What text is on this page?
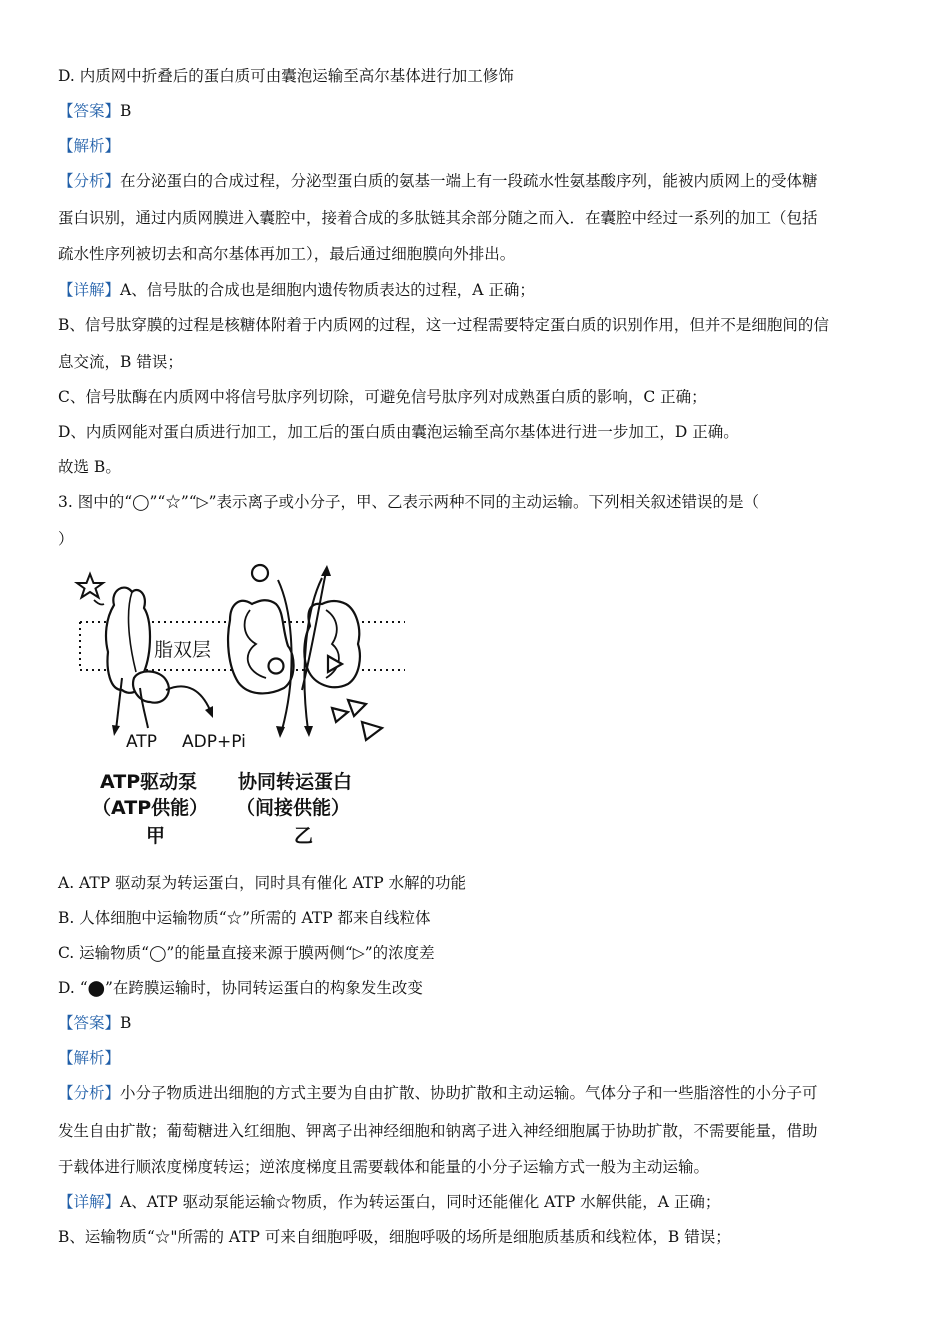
D. 内质网中折叠后的蛋白质可由囊泡运输至高尔基体进行加工修饰
【答案】B
【解析】
【分析】在分泌蛋白的合成过程，分泌型蛋白质的氨基一端上有一段疏水性氨基酸序列，能被内质网上的受体糖
蛋白识别，通过内质网膜进入囊腔中，接着合成的多肽链其余部分随之而入．在囊腔中经过一系列的加工（包括
疏水性序列被切去和高尔基体再加工），最后通过细胞膜向外排出。
【详解】A、信号肽的合成也是细胞内遗传物质表达的过程，A 正确；
B、信号肽穿膜的过程是核糖体附着于内质网的过程，这一过程需要特定蛋白质的识别作用，但并不是细胞间的信
息交流，B 错误；
C、信号肽酶在内质网中将信号肽序列切除，可避免信号肽序列对成熟蛋白质的影响，C 正确；
D、内质网能对蛋白质进行加工，加工后的蛋白质由囊泡运输至高尔基体进行进一步加工，D 正确。
故选 B。
3. 图中的“◯”“☆”“▷”表示离子或小分子，甲、乙表示两种不同的主动运输。下列相关叙述错误的是（
）
脂双层
ATP ADP+Pi
ATP驱动泵
（ATP供能）
甲
协同转运蛋白
（间接供能）
乙
A. ATP 驱动泵为转运蛋白，同时具有催化 ATP 水解的功能
B. 人体细胞中运输物质“☆”所需的 ATP 都来自线粒体
C. 运输物质“◯”的能量直接来源于膜两侧“▷”的浓度差
D. “⬤”在跨膜运输时，协同转运蛋白的构象发生改变
【答案】B
【解析】
【分析】小分子物质进出细胞的方式主要为自由扩散、协助扩散和主动运输。气体分子和一些脂溶性的小分子可
发生自由扩散；葡萄糖进入红细胞、钾离子出神经细胞和钠离子进入神经细胞属于协助扩散，不需要能量，借助
于载体进行顺浓度梯度转运；逆浓度梯度且需要载体和能量的小分子运输方式一般为主动运输。
【详解】A、ATP 驱动泵能运输☆物质，作为转运蛋白，同时还能催化 ATP 水解供能，A 正确；
B、运输物质“☆"所需的 ATP 可来自细胞呼吸，细胞呼吸的场所是细胞质基质和线粒体，B 错误；
